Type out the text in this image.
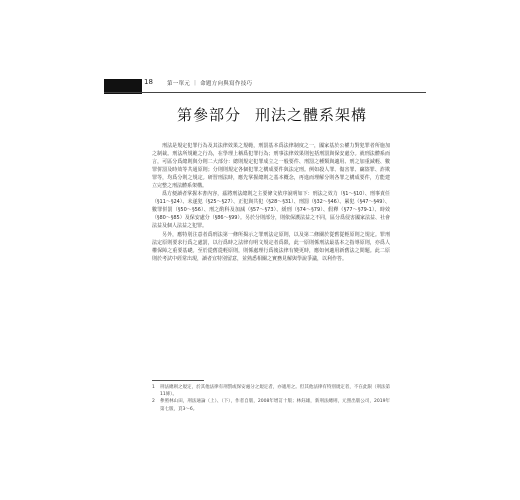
18	第一單元 ｜ 命題方向與寫作技巧
第參部分 刑法之體系架構

刑法是規定犯罪行為及其法律效果之規範，刑罰基本爲法律制度之一，國家基於公權力對犯罪者所施加之制裁。刑法所規範之行為，在學理上稱爲犯罪行為；刑事法律效果則包括刑罰與保安處分。就刑法體系而言，可區分爲總則與分則二大部分：總則規定犯罪成立之一般要件、刑罰之種類與適用、刑之加重減輕、數罪併罰及時效等共通原則；分則則規定各個犯罪之構成要件與法定刑。例如殺人罪、傷害罪、竊盜罪、詐欺罪等，均爲分則之規定。研習刑法時，應先掌握總則之基本概念，再進而理解分則各罪之構成要件，方能建立完整之刑法體系架構。

爲方便讀者掌握本書內容，茲將刑法總則之主要條文依序說明如下：刑法之效力（§1～§10）、刑事責任（§11～§24）、未遂犯（§25～§27）、正犯與共犯（§28～§31）、刑罰（§32～§46）、累犯（§47～§49）、數罪併罰（§50～§56）、刑之酌科及加減（§57～§73）、緩刑（§74～§79）、假釋（§77～§79-1）、時效（§80～§85）及保安處分（§86～§99）。另於分則部分，則依保護法益之不同，區分爲侵害國家法益、社會法益及個人法益之犯罪。

另外，應特別注意者爲刑法第一條所揭示之罪刑法定原則，以及第二條關於從舊從輕原則之規定。罪刑法定原則要求行爲之處罰，以行爲時之法律有明文規定者爲限，此一原則係刑法最基本之指導原則，亦爲人權保障之重要基礎。至於從舊從輕原則，則係處理行爲後法律有變更時，應如何適用新舊法之問題。此二原則於考試中經常出現，讀者宜特別留意，並熟悉相關之實務見解與學說爭議，以利作答。

1	刑法總則之規定，於其他法律有刑罰或保安處分之規定者，亦適用之。但其他法律有特別規定者，不在此限（刑法第11條）。
2	參照林山田，刑法通論（上）、（下），作者自版，2008年增訂十版；林鈺雄，新刑法總則，元照出版公司，2019年第七版，頁3～6。
